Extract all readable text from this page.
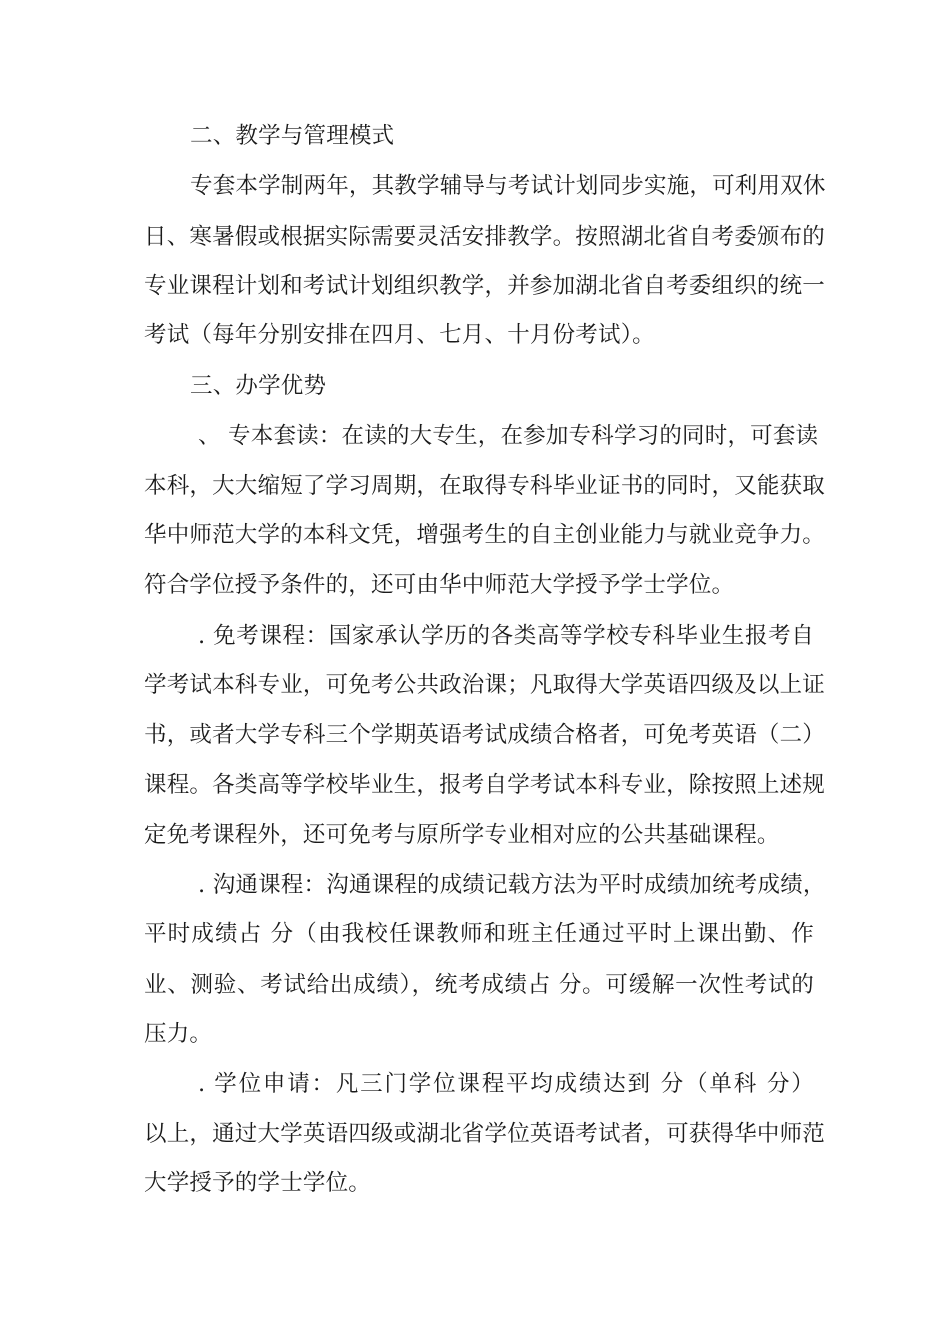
二、教学与管理模式
专套本学制两年，其教学辅导与考试计划同步实施，可利用双休
日、寒暑假或根据实际需要灵活安排教学。按照湖北省自考委颁布的
专业课程计划和考试计划组织教学，并参加湖北省自考委组织的统一
考试（每年分别安排在四月、七月、十月份考试）。
三、办学优势
、 专本套读：在读的大专生，在参加专科学习的同时，可套读
本科，大大缩短了学习周期，在取得专科毕业证书的同时，又能获取
华中师范大学的本科文凭，增强考生的自主创业能力与就业竞争力。
符合学位授予条件的，还可由华中师范大学授予学士学位。
. 免考课程：国家承认学历的各类高等学校专科毕业生报考自
学考试本科专业，可免考公共政治课；凡取得大学英语四级及以上证
书，或者大学专科三个学期英语考试成绩合格者，可免考英语（二）
课程。各类高等学校毕业生，报考自学考试本科专业，除按照上述规
定免考课程外，还可免考与原所学专业相对应的公共基础课程。
. 沟通课程：沟通课程的成绩记载方法为平时成绩加统考成绩，
平时成绩占 分（由我校任课教师和班主任通过平时上课出勤、作
业、测验、考试给出成绩），统考成绩占 分。可缓解一次性考试的
压力。
. 学位申请：凡三门学位课程平均成绩达到 分（单科 分）
以上，通过大学英语四级或湖北省学位英语考试者，可获得华中师范
大学授予的学士学位。
